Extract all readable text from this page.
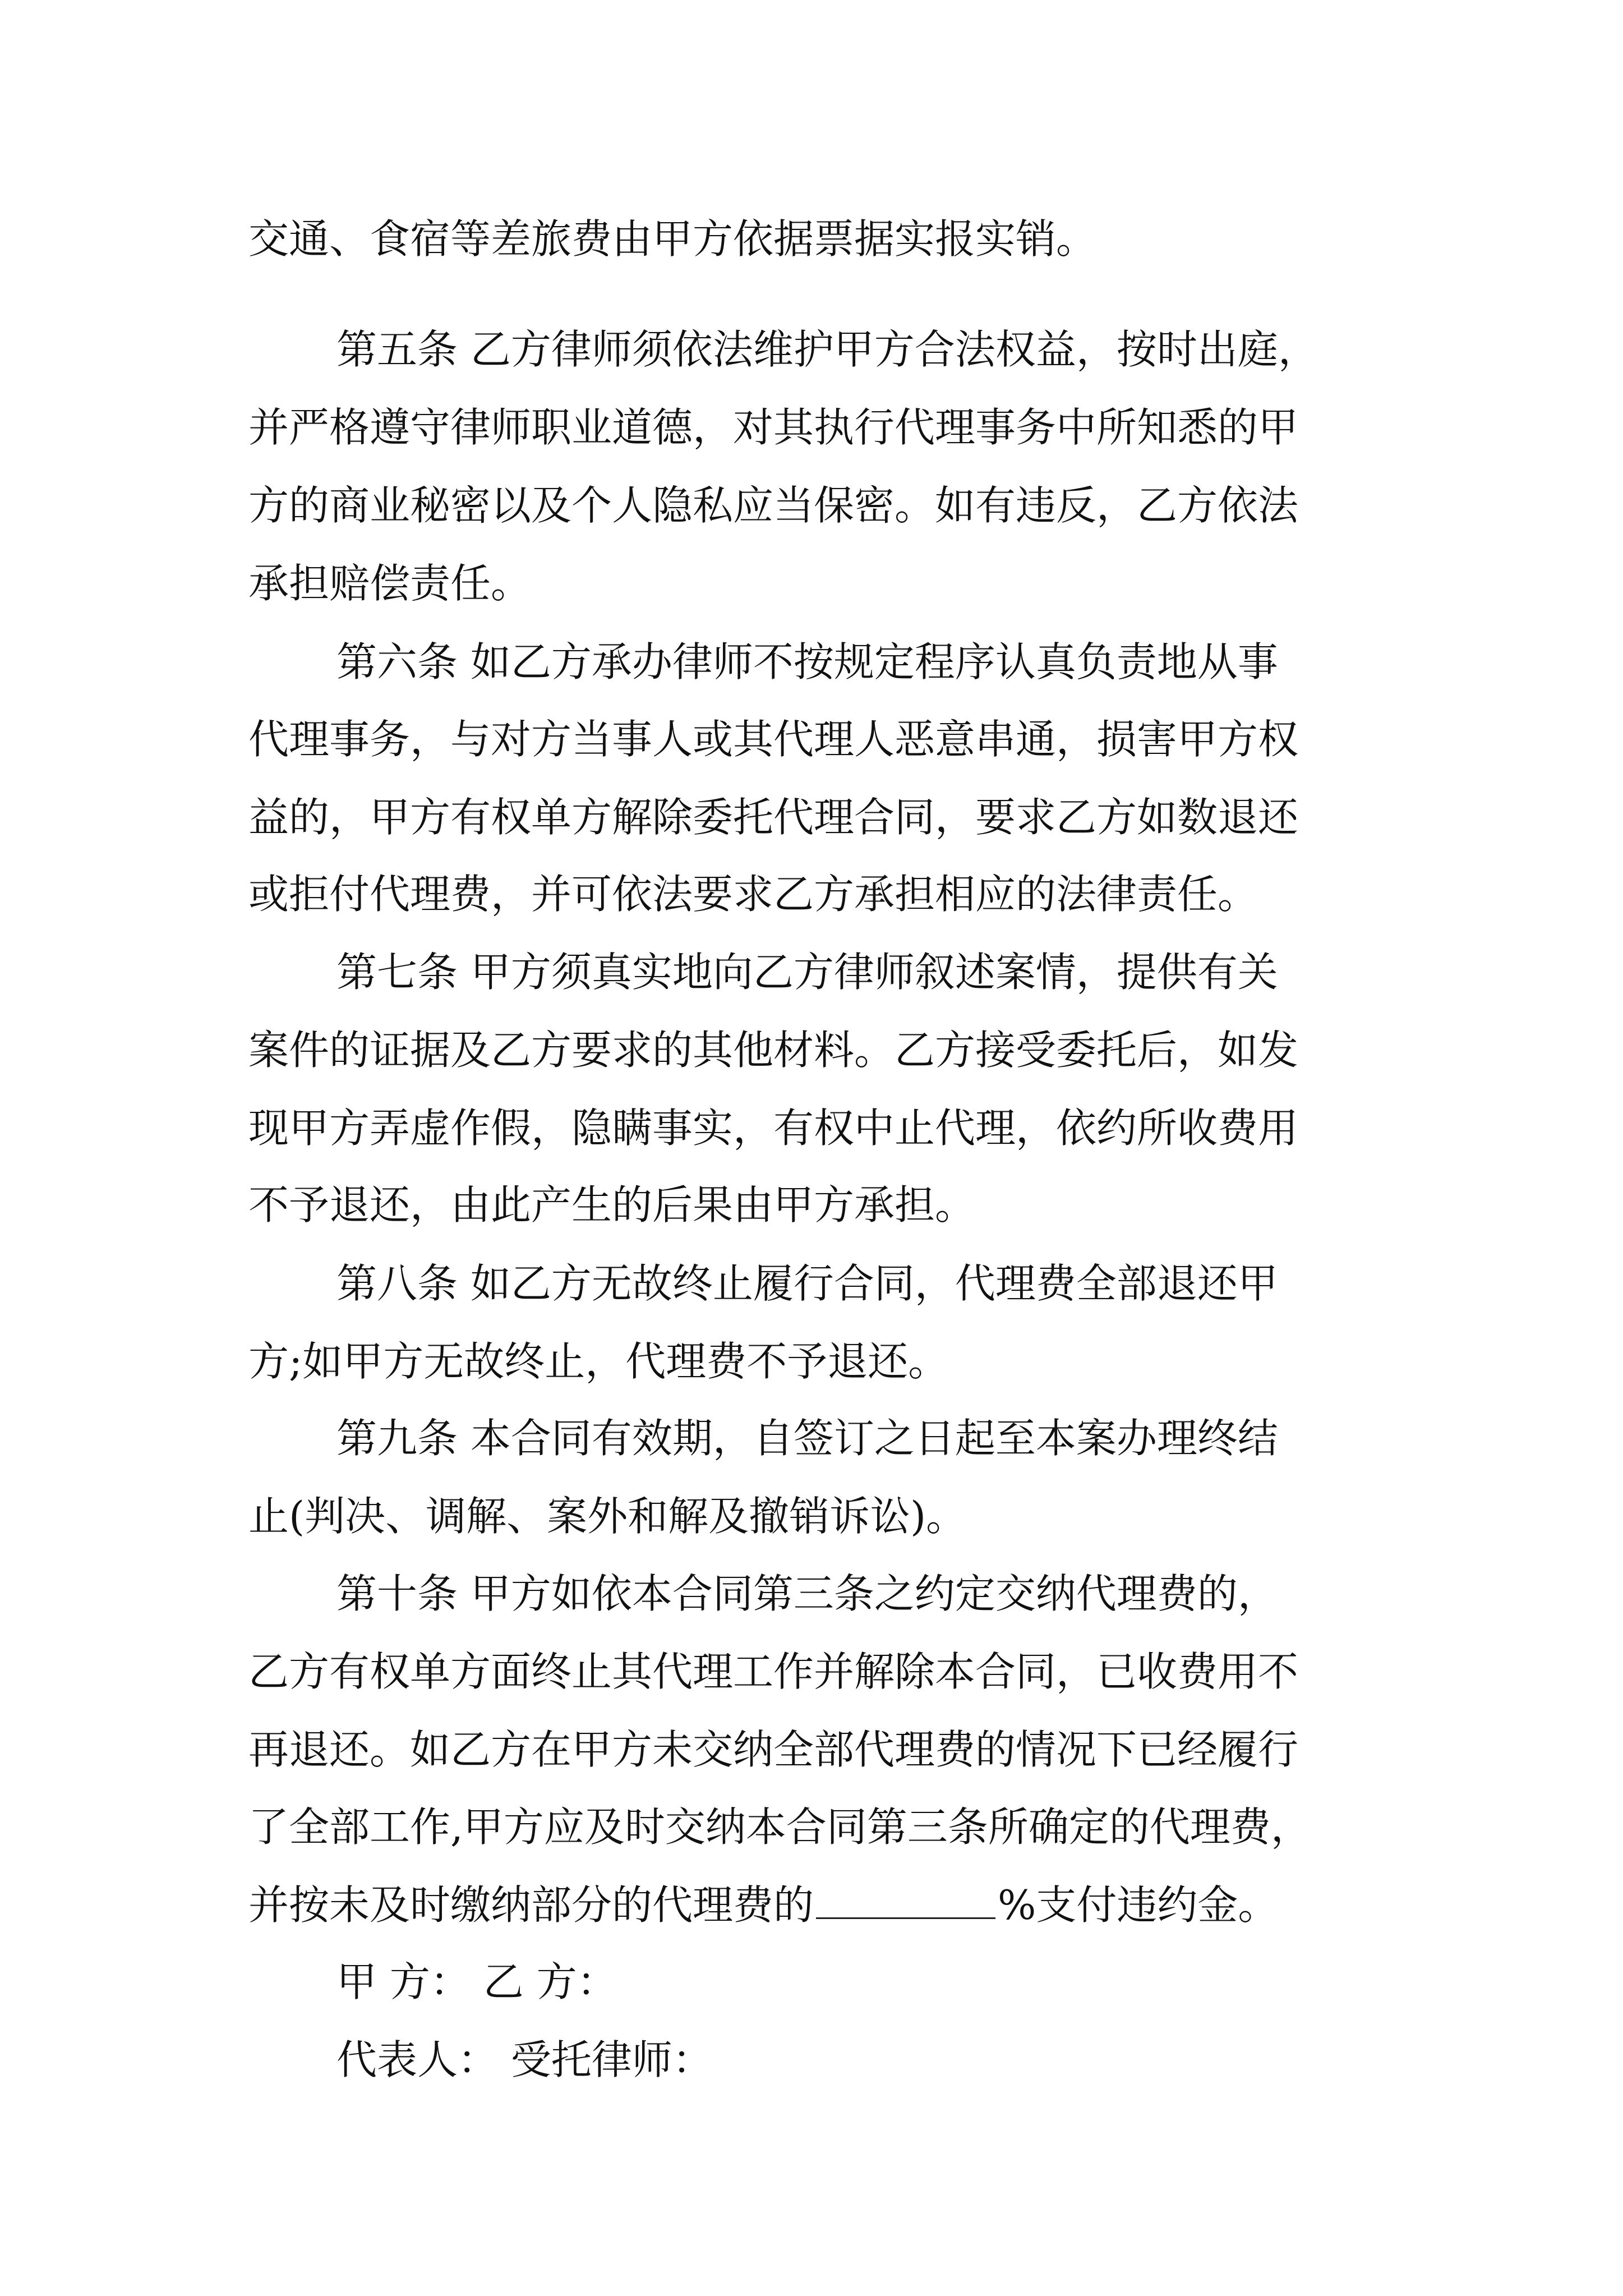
交通、食宿等差旅费由甲方依据票据实报实销。
第五条 乙方律师须依法维护甲方合法权益，按时出庭，
并严格遵守律师职业道德，对其执行代理事务中所知悉的甲
方的商业秘密以及个人隐私应当保密。如有违反，乙方依法
承担赔偿责任。
第六条 如乙方承办律师不按规定程序认真负责地从事
代理事务，与对方当事人或其代理人恶意串通，损害甲方权
益的，甲方有权单方解除委托代理合同，要求乙方如数退还
或拒付代理费，并可依法要求乙方承担相应的法律责任。
第七条 甲方须真实地向乙方律师叙述案情，提供有关
案件的证据及乙方要求的其他材料。乙方接受委托后，如发
现甲方弄虚作假，隐瞒事实，有权中止代理，依约所收费用
不予退还，由此产生的后果由甲方承担。
第八条 如乙方无故终止履行合同，代理费全部退还甲
方;如甲方无故终止，代理费不予退还。
第九条 本合同有效期，自签订之日起至本案办理终结
止(判决、调解、案外和解及撤销诉讼)。
第十条 甲方如依本合同第三条之约定交纳代理费的，
乙方有权单方面终止其代理工作并解除本合同，已收费用不
再退还。如乙方在甲方未交纳全部代理费的情况下已经履行
了全部工作,甲方应及时交纳本合同第三条所确定的代理费，
并按未及时缴纳部分的代理费的	%支付违约金。
甲 方： 乙 方：
代表人： 受托律师：
